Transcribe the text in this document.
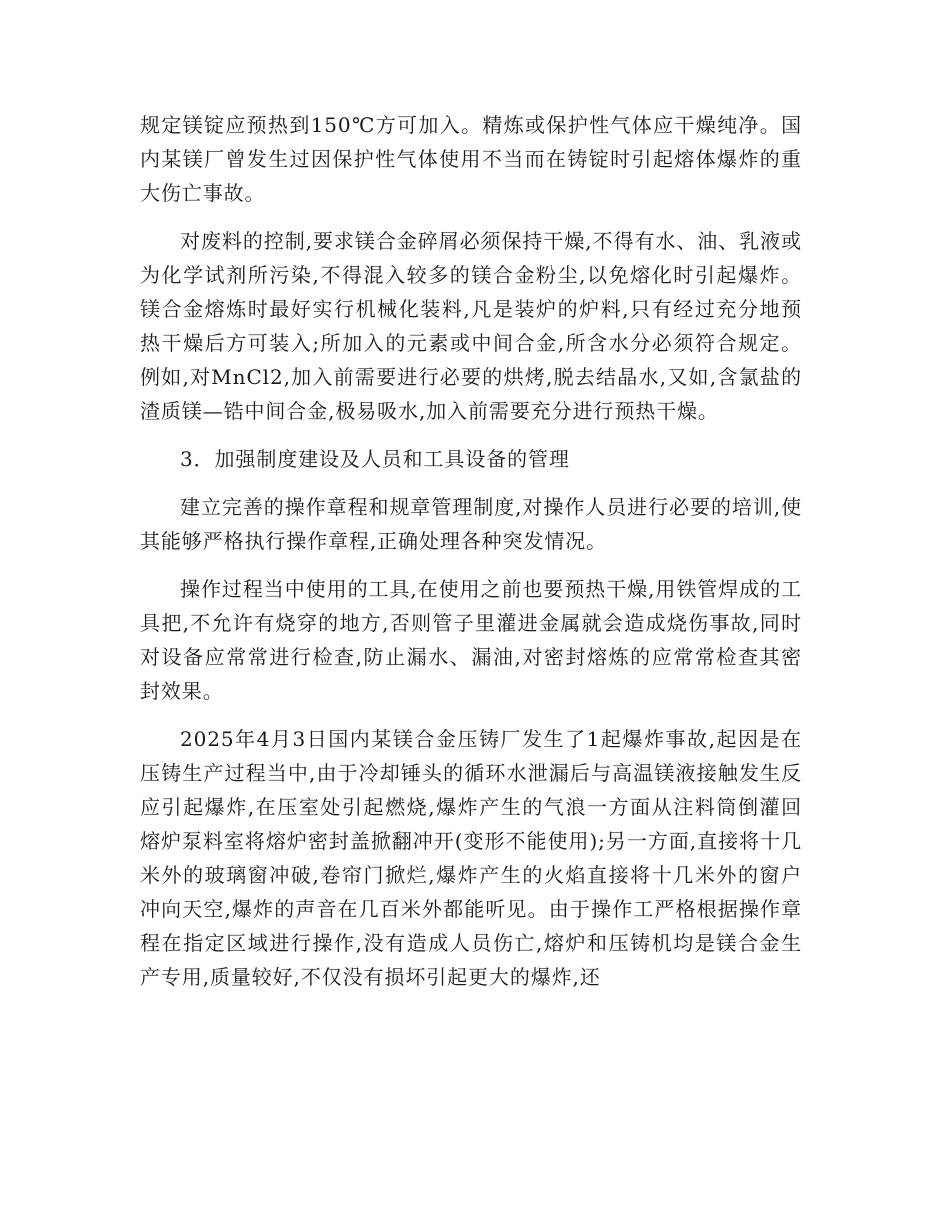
规定镁锭应预热到150℃方可加入。精炼或保护性气体应干燥纯净。国内某镁厂曾发生过因保护性气体使用不当而在铸锭时引起熔体爆炸的重大伤亡事故。

对废料的控制,要求镁合金碎屑必须保持干燥,不得有水、油、乳液或为化学试剂所污染,不得混入较多的镁合金粉尘,以免熔化时引起爆炸。镁合金熔炼时最好实行机械化装料,凡是装炉的炉料,只有经过充分地预热干燥后方可装入;所加入的元素或中间合金,所含水分必须符合规定。例如,对MnCl2,加入前需要进行必要的烘烤,脱去结晶水,又如,含氯盐的渣质镁—锆中间合金,极易吸水,加入前需要充分进行预热干燥。

3．加强制度建设及人员和工具设备的管理

建立完善的操作章程和规章管理制度,对操作人员进行必要的培训,使其能够严格执行操作章程,正确处理各种突发情况。

操作过程当中使用的工具,在使用之前也要预热干燥,用铁管焊成的工具把,不允许有烧穿的地方,否则管子里灌进金属就会造成烧伤事故,同时对设备应常常进行检查,防止漏水、漏油,对密封熔炼的应常常检查其密封效果。

2025年4月3日国内某镁合金压铸厂发生了1起爆炸事故,起因是在压铸生产过程当中,由于冷却锤头的循环水泄漏后与高温镁液接触发生反应引起爆炸,在压室处引起燃烧,爆炸产生的气浪一方面从注料筒倒灌回熔炉泵料室将熔炉密封盖掀翻冲开(变形不能使用);另一方面,直接将十几米外的玻璃窗冲破,卷帘门掀烂,爆炸产生的火焰直接将十几米外的窗户冲向天空,爆炸的声音在几百米外都能听见。由于操作工严格根据操作章程在指定区域进行操作,没有造成人员伤亡,熔炉和压铸机均是镁合金生产专用,质量较好,不仅没有损坏引起更大的爆炸,还
